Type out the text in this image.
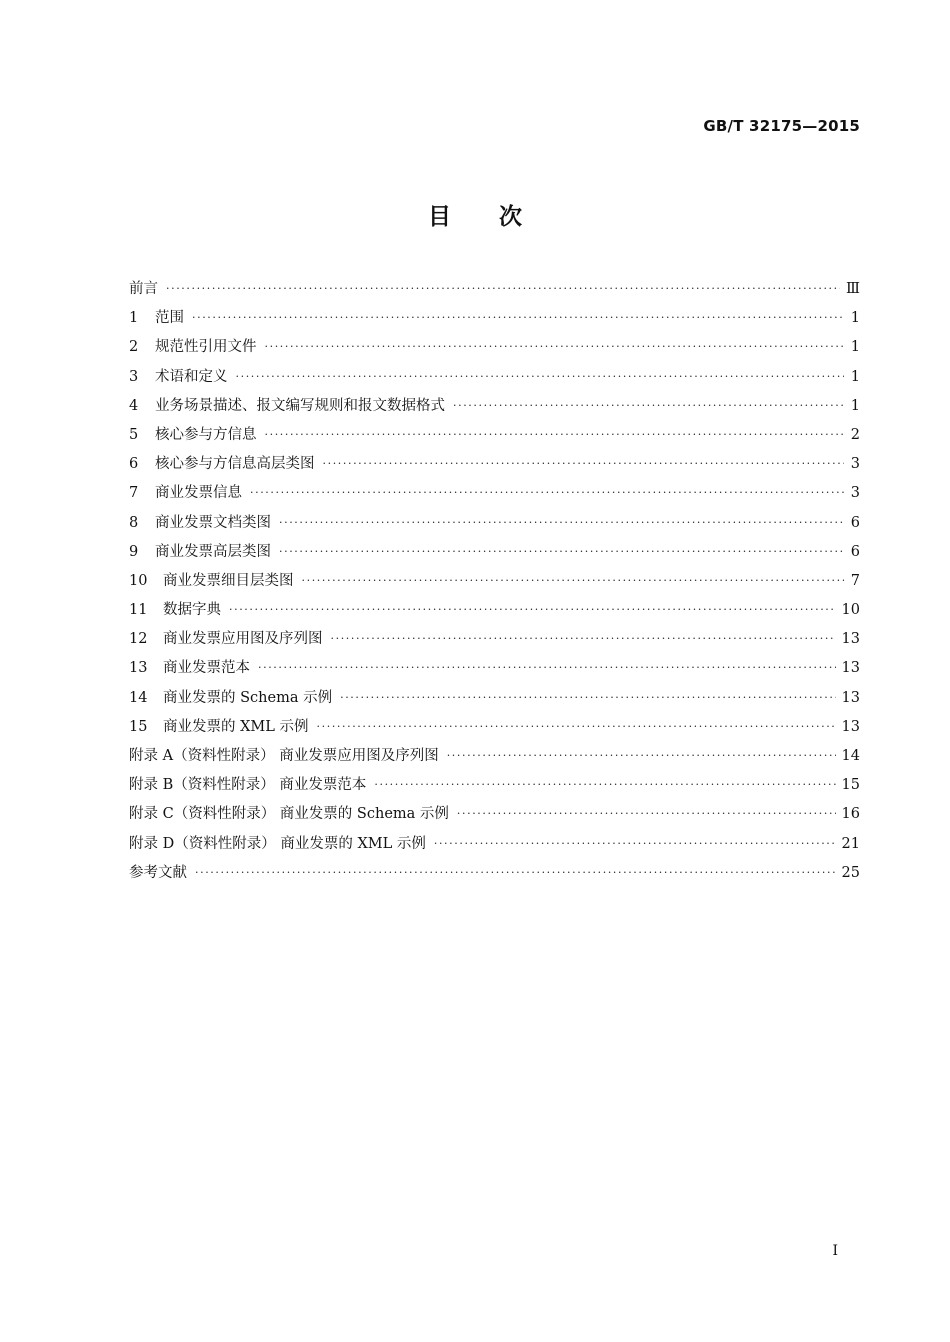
GB/T 32175—2015
目次
前言 ·····	Ⅲ
1	范围 ·····	1
2	规范性引用文件 ·····	1
3	术语和定义 ·····	1
4	业务场景描述、报文编写规则和报文数据格式 ·····	1
5	核心参与方信息 ·····	2
6	核心参与方信息高层类图 ·····	3
7	商业发票信息 ·····	3
8	商业发票文档类图 ·····	6
9	商业发票高层类图 ·····	6
10	商业发票细目层类图 ·····	7
11	数据字典 ·····	10
12	商业发票应用图及序列图 ·····	13
13	商业发票范本 ·····	13
14	商业发票的 Schema 示例 ·····	13
15	商业发票的 XML 示例 ·····	13
附录 A（资料性附录） 商业发票应用图及序列图 ·····	14
附录 B（资料性附录） 商业发票范本 ·····	15
附录 C（资料性附录） 商业发票的 Schema 示例 ·····	16
附录 D（资料性附录） 商业发票的 XML 示例 ·····	21
参考文献 ·····	25
Ⅰ
